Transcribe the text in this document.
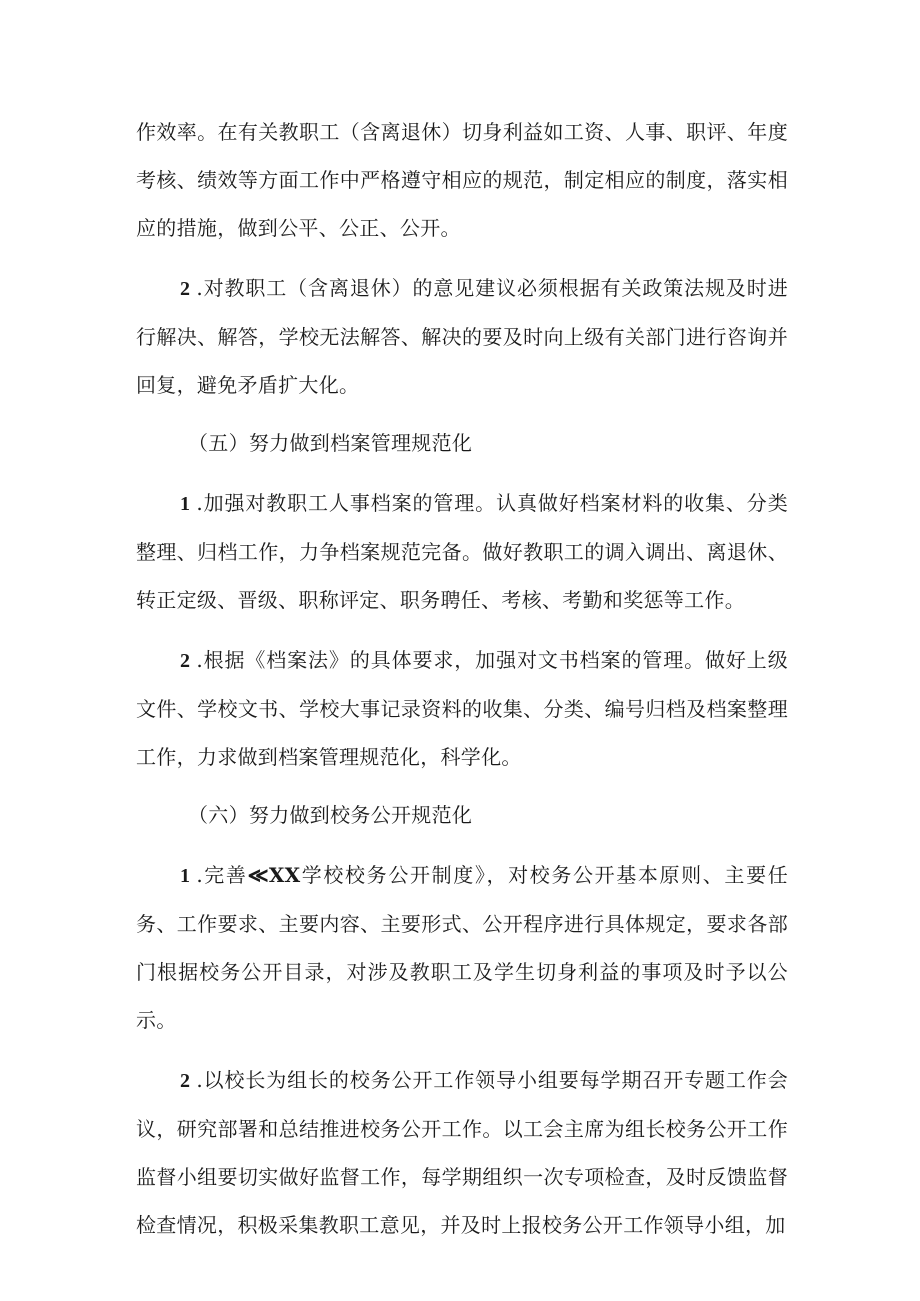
作效率。在有关教职工（含离退休）切身利益如工资、人事、职评、年度考核、绩效等方面工作中严格遵守相应的规范，制定相应的制度，落实相应的措施，做到公平、公正、公开。

2 .对教职工（含离退休）的意见建议必须根据有关政策法规及时进行解决、解答，学校无法解答、解决的要及时向上级有关部门进行咨询并回复，避免矛盾扩大化。

（五）努力做到档案管理规范化

1 .加强对教职工人事档案的管理。认真做好档案材料的收集、分类整理、归档工作，力争档案规范完备。做好教职工的调入调出、离退休、转正定级、晋级、职称评定、职务聘任、考核、考勤和奖惩等工作。

2 .根据《档案法》的具体要求，加强对文书档案的管理。做好上级文件、学校文书、学校大事记录资料的收集、分类、编号归档及档案整理工作，力求做到档案管理规范化，科学化。

（六）努力做到校务公开规范化

1 .完善≪XX学校校务公开制度》，对校务公开基本原则、主要任务、工作要求、主要内容、主要形式、公开程序进行具体规定，要求各部门根据校务公开目录，对涉及教职工及学生切身利益的事项及时予以公示。

2 .以校长为组长的校务公开工作领导小组要每学期召开专题工作会议，研究部署和总结推进校务公开工作。以工会主席为组长校务公开工作监督小组要切实做好监督工作，每学期组织一次专项检查，及时反馈监督检查情况，积极采集教职工意见，并及时上报校务公开工作领导小组，加
